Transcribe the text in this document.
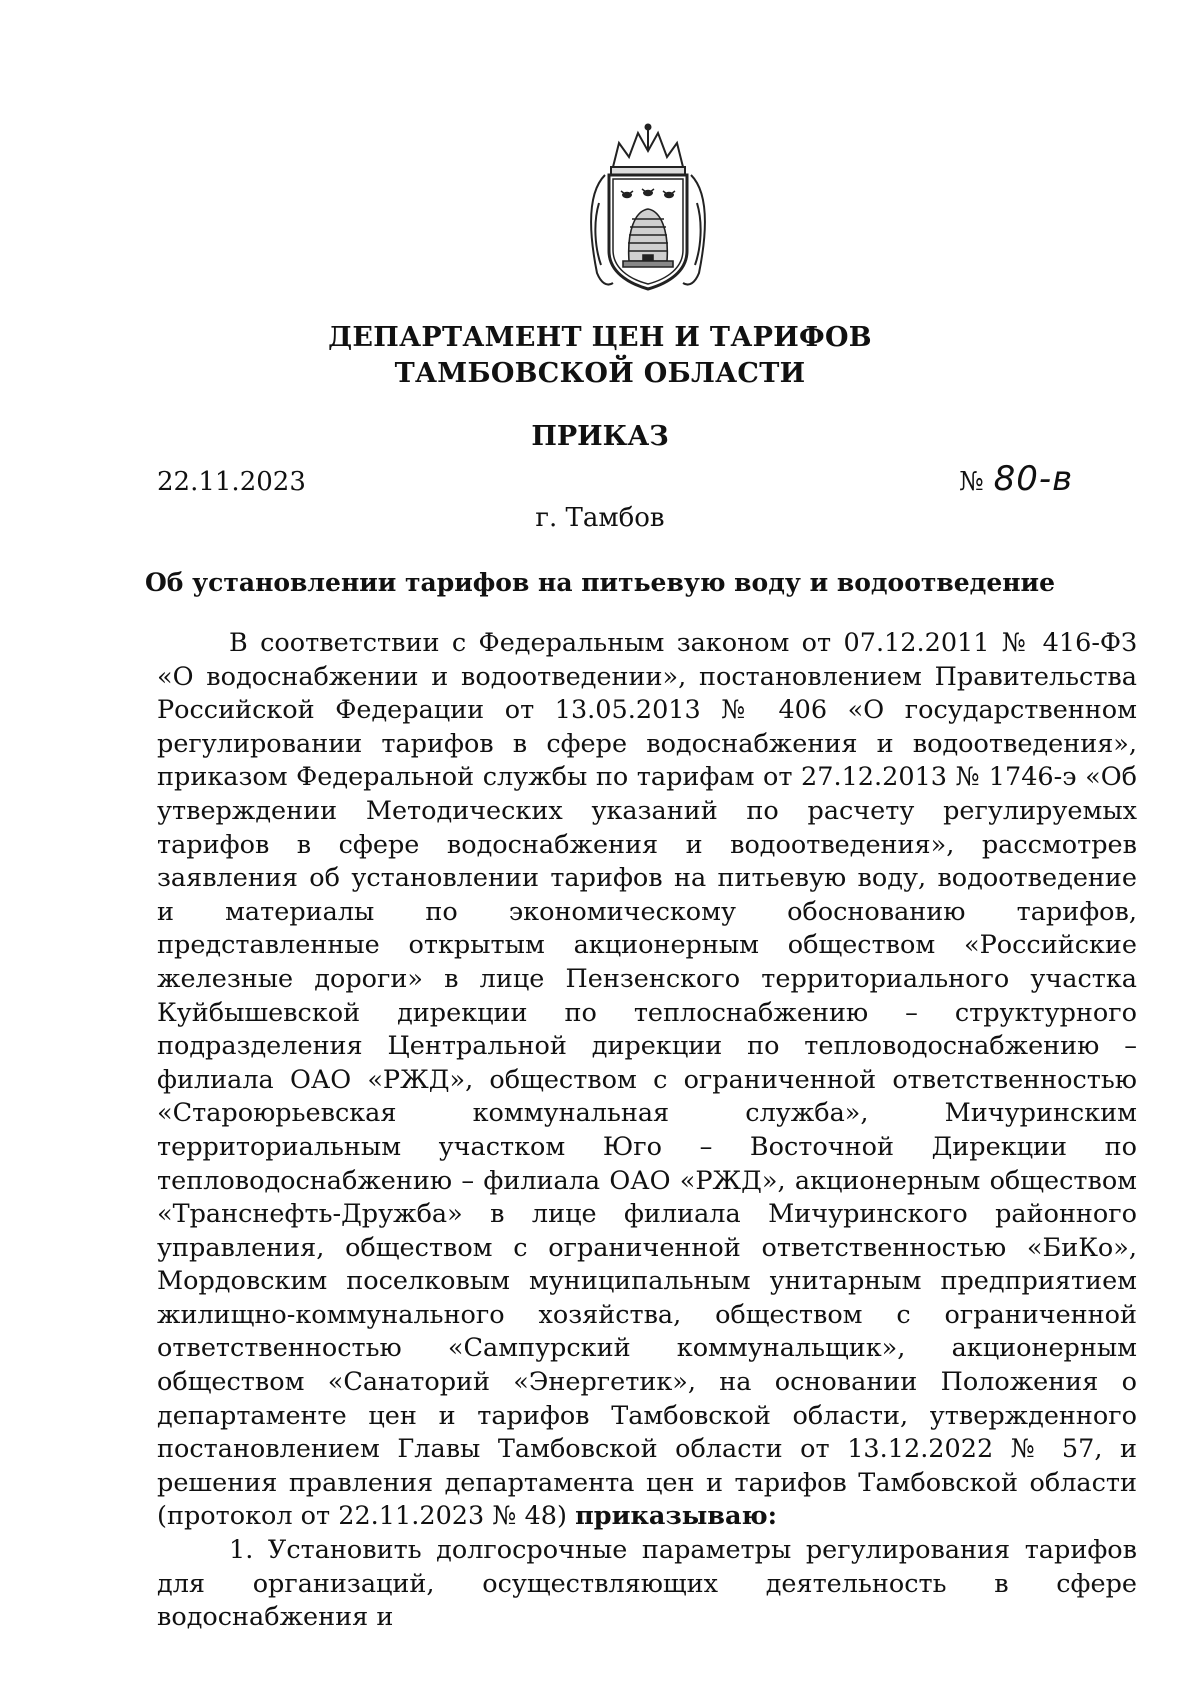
ДЕПАРТАМЕНТ ЦЕН И ТАРИФОВ
ТАМБОВСКОЙ ОБЛАСТИ
ПРИКАЗ
22.11.2023	№ 80-в
г. Тамбов
Об установлении тарифов на питьевую воду и водоотведение

В соответствии с Федеральным законом от 07.12.2011 № 416-ФЗ «О водоснабжении и водоотведении», постановлением Правительства Российской Федерации от 13.05.2013 № 406 «О государственном регулировании тарифов в сфере водоснабжения и водоотведения», приказом Федеральной службы по тарифам от 27.12.2013 № 1746-э «Об утверждении Методических указаний по расчету регулируемых тарифов в сфере водоснабжения и водоотведения», рассмотрев заявления об установлении тарифов на питьевую воду, водоотведение и материалы по экономическому обоснованию тарифов, представленные открытым акционерным обществом «Российские железные дороги» в лице Пензенского территориального участка Куйбышевской дирекции по теплоснабжению – структурного подразделения Центральной дирекции по тепловодоснабжению – филиала ОАО «РЖД», обществом с ограниченной ответственностью «Староюрьевская коммунальная служба», Мичуринским территориальным участком Юго – Восточной Дирекции по тепловодоснабжению – филиала ОАО «РЖД», акционерным обществом «Транснефть-Дружба» в лице филиала Мичуринского районного управления, обществом с ограниченной ответственностью «БиКо», Мордовским поселковым муниципальным унитарным предприятием жилищно-коммунального хозяйства, обществом с ограниченной ответственностью «Сампурский коммунальщик», акционерным обществом «Санаторий «Энергетик», на основании Положения о департаменте цен и тарифов Тамбовской области, утвержденного постановлением Главы Тамбовской области от 13.12.2022 № 57, и решения правления департамента цен и тарифов Тамбовской области (протокол от 22.11.2023 № 48) приказываю:

1. Установить долгосрочные параметры регулирования тарифов для организаций, осуществляющих деятельность в сфере водоснабжения и
